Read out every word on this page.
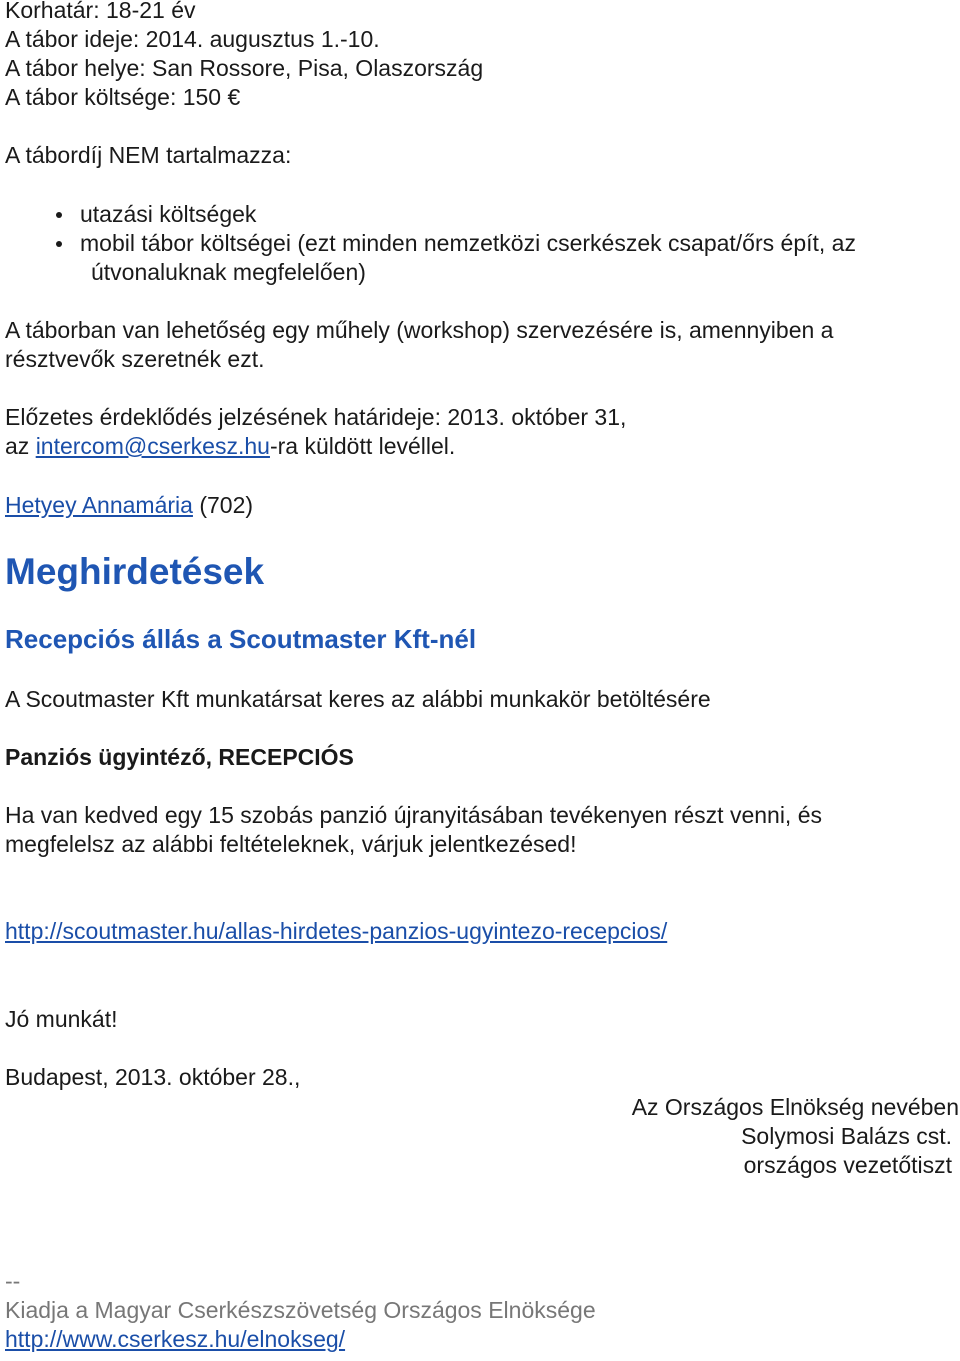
Korhatár: 18-21 év
A tábor ideje: 2014. augusztus 1.-10.
A tábor helye: San Rossore, Pisa, Olaszország
A tábor költsége: 150 €
A tábordíj NEM tartalmazza:
utazási költségek
mobil tábor költségei (ezt minden nemzetközi cserkészek csapat/őrs épít, az
útvonaluknak megfelelően)
A táborban van lehetőség egy műhely (workshop) szervezésére is, amennyiben a
résztvevők szeretnék ezt.
Előzetes érdeklődés jelzésének határideje: 2013. október 31,
az intercom@cserkesz.hu-ra küldött levéllel.
Hetyey Annamária (702)
Meghirdetések
Recepciós állás a Scoutmaster Kft-nél
A Scoutmaster Kft munkatársat keres az alábbi munkakör betöltésére
Panziós ügyintéző, RECEPCIÓS
Ha van kedved egy 15 szobás panzió újranyitásában tevékenyen részt venni, és
megfelelsz az alábbi feltételeknek, várjuk jelentkezésed!
http://scoutmaster.hu/allas-hirdetes-panzios-ugyintezo-recepcios/
Jó munkát!
Budapest, 2013. október 28.,
Az Országos Elnökség nevében
Solymosi Balázs cst.
országos vezetőtiszt
--
Kiadja a Magyar Cserkészszövetség Országos Elnöksége
http://www.cserkesz.hu/elnokseg/
